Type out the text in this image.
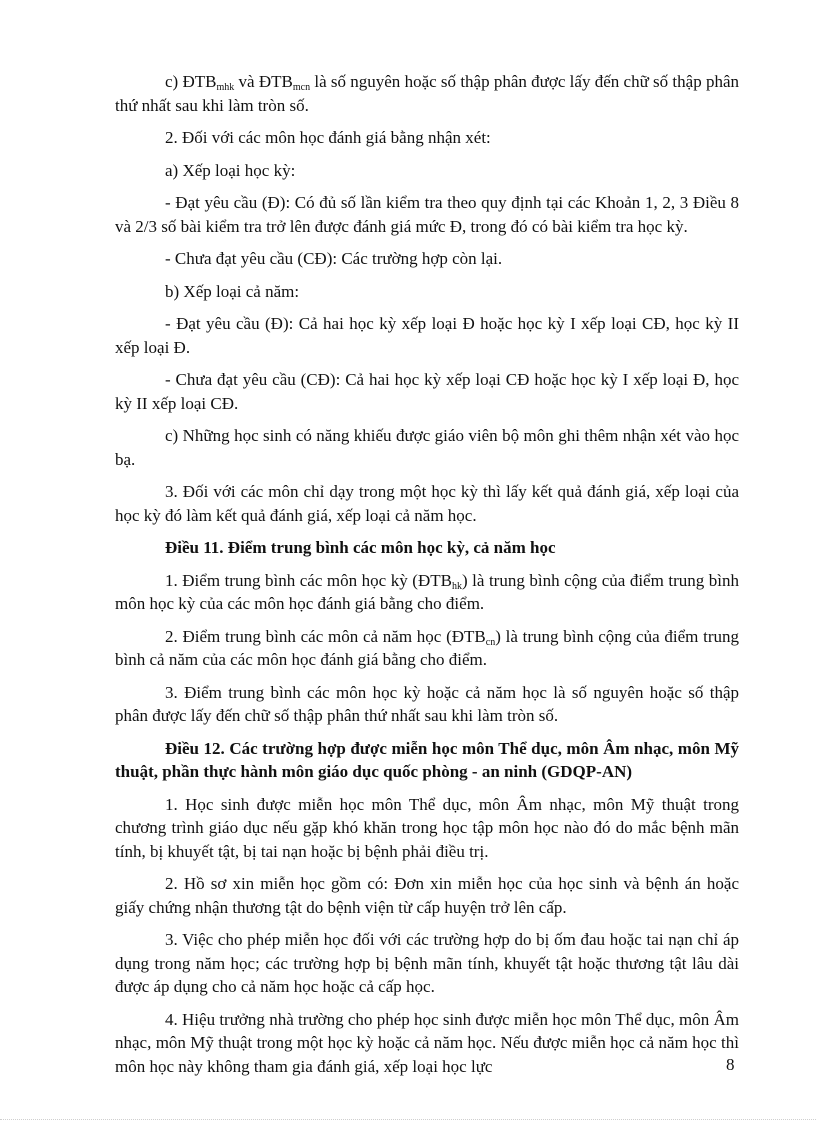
c) $ĐTB_{mhk}$ và $ĐTB_{mcn}$ là số nguyên hoặc số thập phân được lấy đến chữ số thập phân thứ nhất sau khi làm tròn số.

2. Đối với các môn học đánh giá bằng nhận xét:

a) Xếp loại học kỳ:

- Đạt yêu cầu (Đ): Có đủ số lần kiểm tra theo quy định tại các Khoản 1, 2, 3 Điều 8 và 2/3 số bài kiểm tra trở lên được đánh giá mức Đ, trong đó có bài kiểm tra học kỳ.

- Chưa đạt yêu cầu (CĐ): Các trường hợp còn lại.

b) Xếp loại cả năm:

- Đạt yêu cầu (Đ): Cả hai học kỳ xếp loại Đ hoặc học kỳ I xếp loại CĐ, học kỳ II xếp loại Đ.

- Chưa đạt yêu cầu (CĐ): Cả hai học kỳ xếp loại CĐ hoặc học kỳ I xếp loại Đ, học kỳ II xếp loại CĐ.

c) Những học sinh có năng khiếu được giáo viên bộ môn ghi thêm nhận xét vào học bạ.

3. Đối với các môn chỉ dạy trong một học kỳ thì lấy kết quả đánh giá, xếp loại của học kỳ đó làm kết quả đánh giá, xếp loại cả năm học.

Điều 11. Điểm trung bình các môn học kỳ, cả năm học

1. Điểm trung bình các môn học kỳ $(ĐTB_{hk})$ là trung bình cộng của điểm trung bình môn học kỳ của các môn học đánh giá bằng cho điểm.

2. Điểm trung bình các môn cả năm học $(ĐTB_{cn})$ là trung bình cộng của điểm trung bình cả năm của các môn học đánh giá bằng cho điểm.

3. Điểm trung bình các môn học kỳ hoặc cả năm học là số nguyên hoặc số thập phân được lấy đến chữ số thập phân thứ nhất sau khi làm tròn số.

Điều 12. Các trường hợp được miễn học môn Thể dục, môn Âm nhạc, môn Mỹ thuật, phần thực hành môn giáo dục quốc phòng - an ninh (GDQP-AN)

1. Học sinh được miễn học môn Thể dục, môn Âm nhạc, môn Mỹ thuật trong chương trình giáo dục nếu gặp khó khăn trong học tập môn học nào đó do mắc bệnh mãn tính, bị khuyết tật, bị tai nạn hoặc bị bệnh phải điều trị.

2. Hồ sơ xin miễn học gồm có: Đơn xin miễn học của học sinh và bệnh án hoặc giấy chứng nhận thương tật do bệnh viện từ cấp huyện trở lên cấp.

3. Việc cho phép miễn học đối với các trường hợp do bị ốm đau hoặc tai nạn chỉ áp dụng trong năm học; các trường hợp bị bệnh mãn tính, khuyết tật hoặc thương tật lâu dài được áp dụng cho cả năm học hoặc cả cấp học.

4. Hiệu trưởng nhà trường cho phép học sinh được miễn học môn Thể dục, môn Âm nhạc, môn Mỹ thuật trong một học kỳ hoặc cả năm học. Nếu được miễn học cả năm học thì môn học này không tham gia đánh giá, xếp loại học lực	8
